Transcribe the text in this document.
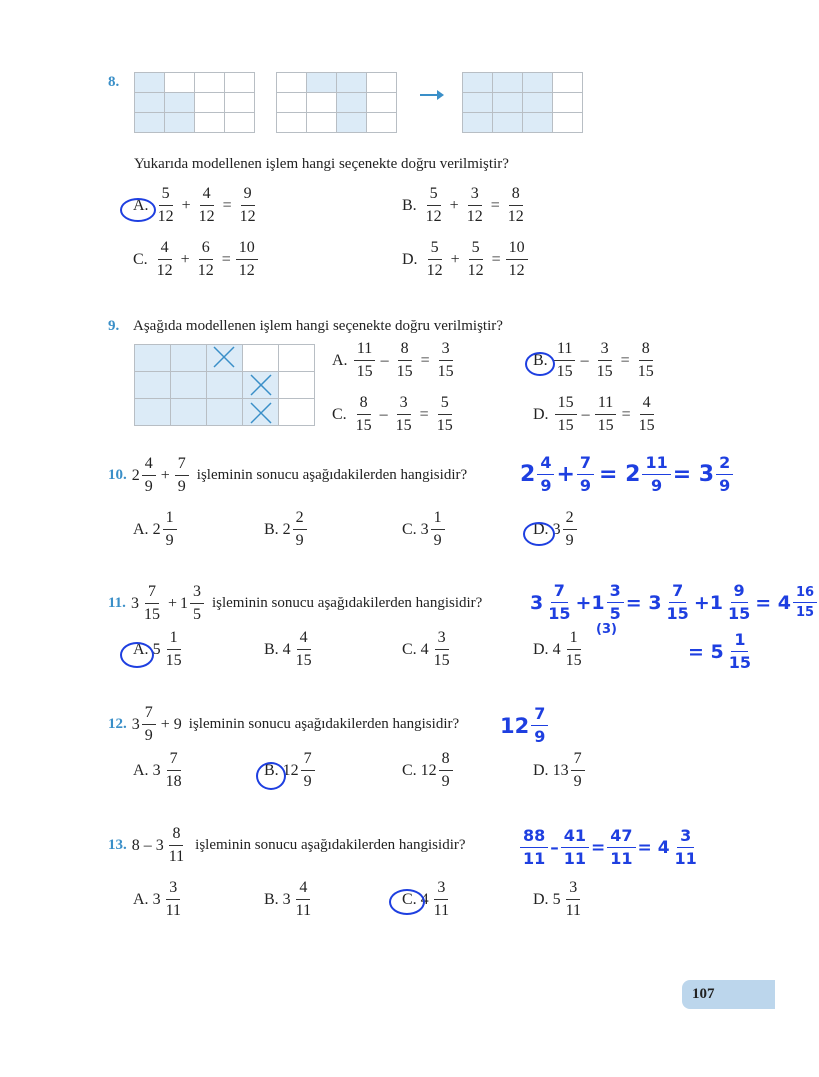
8.

Yukarıda modellenen işlem hangi seçenekte doğru verilmiştir?
A. $\frac{5}{12} + \frac{4}{12} = \frac{9}{12}$	B. $\frac{5}{12} + \frac{3}{12} = \frac{8}{12}$
C. $\frac{4}{12} + \frac{6}{12} = \frac{10}{12}$	D. $\frac{5}{12} + \frac{5}{12} = \frac{10}{12}$
9. Aşağıda modellenen işlem hangi seçenekte doğru verilmiştir?

A. $\frac{11}{15} - \frac{8}{15} = \frac{3}{15}$	B. $\frac{11}{15} - \frac{3}{15} = \frac{8}{15}$
C. $\frac{8}{15} - \frac{3}{15} = \frac{5}{15}$	D. $\frac{15}{15} - \frac{11}{15} = \frac{4}{15}$
10. $2 \frac{4}{9} + \frac{7}{9}$ işleminin sonucu aşağıdakilerden hangisidir?
A. $2 \frac{1}{9}$	B. $2 \frac{2}{9}$	C. $3 \frac{1}{9}$	D. $3 \frac{2}{9}$
11. $3 \frac{7}{15} + 1 \frac{3}{5}$ işleminin sonucu aşağıdakilerden hangisidir?
A. $5 \frac{1}{15}$	B. $4 \frac{4}{15}$	C. $4 \frac{3}{15}$	D. $4 \frac{1}{15}$
12. $3 \frac{7}{9} + 9$ işleminin sonucu aşağıdakilerden hangisidir?
A. $3 \frac{7}{18}$	B. $12 \frac{7}{9}$	C. $12 \frac{8}{9}$	D. $13 \frac{7}{9}$
13. $8 - 3 \frac{8}{11}$ işleminin sonucu aşağıdakilerden hangisidir?
A. $3 \frac{3}{11}$	B. $3 \frac{4}{11}$	C. $4 \frac{3}{11}$	D. $5 \frac{3}{11}$
$2 \frac{4}{9} + \frac{7}{9} = 2 \frac{11}{9} = 3 \frac{2}{9}$
$3 \frac{7}{15} +1 \frac{3}{5} = 3 \frac{7}{15} +1 \frac{9}{15} = 4 \frac{16}{15}$
(3)
= $5 \frac{1}{15}$
$12 \frac{7}{9}$
$\frac{88}{11} - \frac{41}{11} = \frac{47}{11} = 4 \frac{3}{11}$
107
